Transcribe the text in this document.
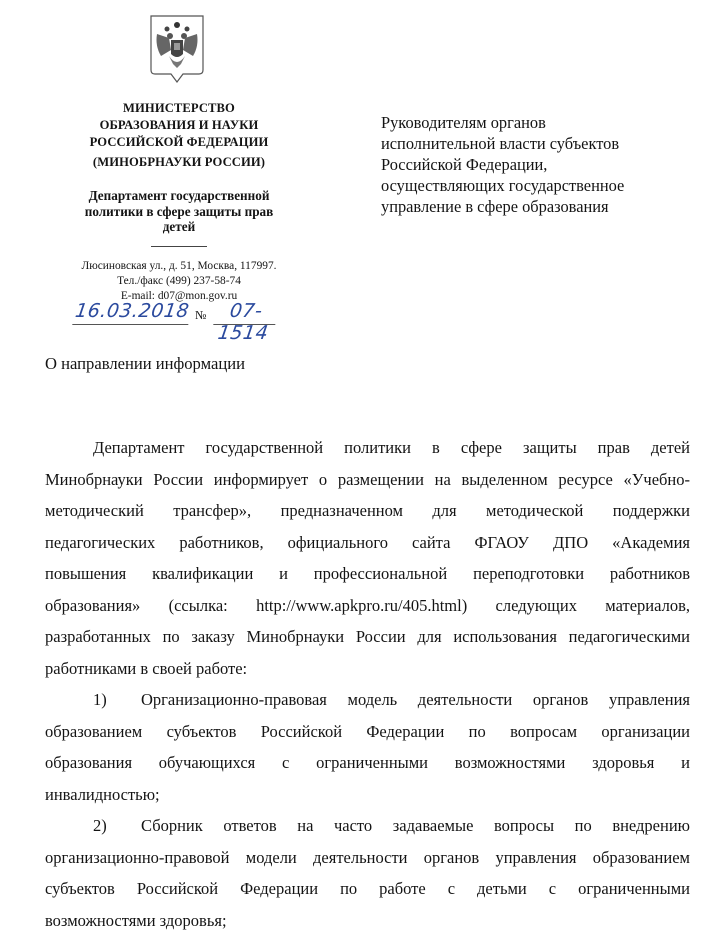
МИНИСТЕРСТВО
ОБРАЗОВАНИЯ И НАУКИ
РОССИЙСКОЙ ФЕДЕРАЦИИ
(МИНОБРНАУКИ РОССИИ)
Департамент государственной
политики в сфере защиты прав
детей
Люсиновская ул., д. 51, Москва, 117997.
Тел./факс (499) 237-58-74
E-mail: d07@mon.gov.ru
16.03.2018 №	07-1514
Руководителям органов
исполнительной власти субъектов
Российской Федерации,
осуществляющих государственное
управление в сфере образования
О направлении информации
Департамент государственной политики в сфере защиты прав детей
Минобрнауки России информирует о размещении на выделенном ресурсе «Учебно-
методический трансфер», предназначенном для методической поддержки
педагогических работников, официального сайта ФГАОУ ДПО «Академия
повышения квалификации и профессиональной переподготовки работников
образования» (ссылка: http://www.apkpro.ru/405.html) следующих материалов,
разработанных по заказу Минобрнауки России для использования педагогическими
работниками в своей работе:
1)	Организационно-правовая модель деятельности органов управления
образованием субъектов Российской Федерации по вопросам организации
образования обучающихся с ограниченными возможностями здоровья и
инвалидностью;
2)	Сборник ответов на часто задаваемые вопросы по внедрению
организационно-правовой модели деятельности органов управления образованием
субъектов Российской Федерации по работе с детьми с ограниченными
возможностями здоровья;
